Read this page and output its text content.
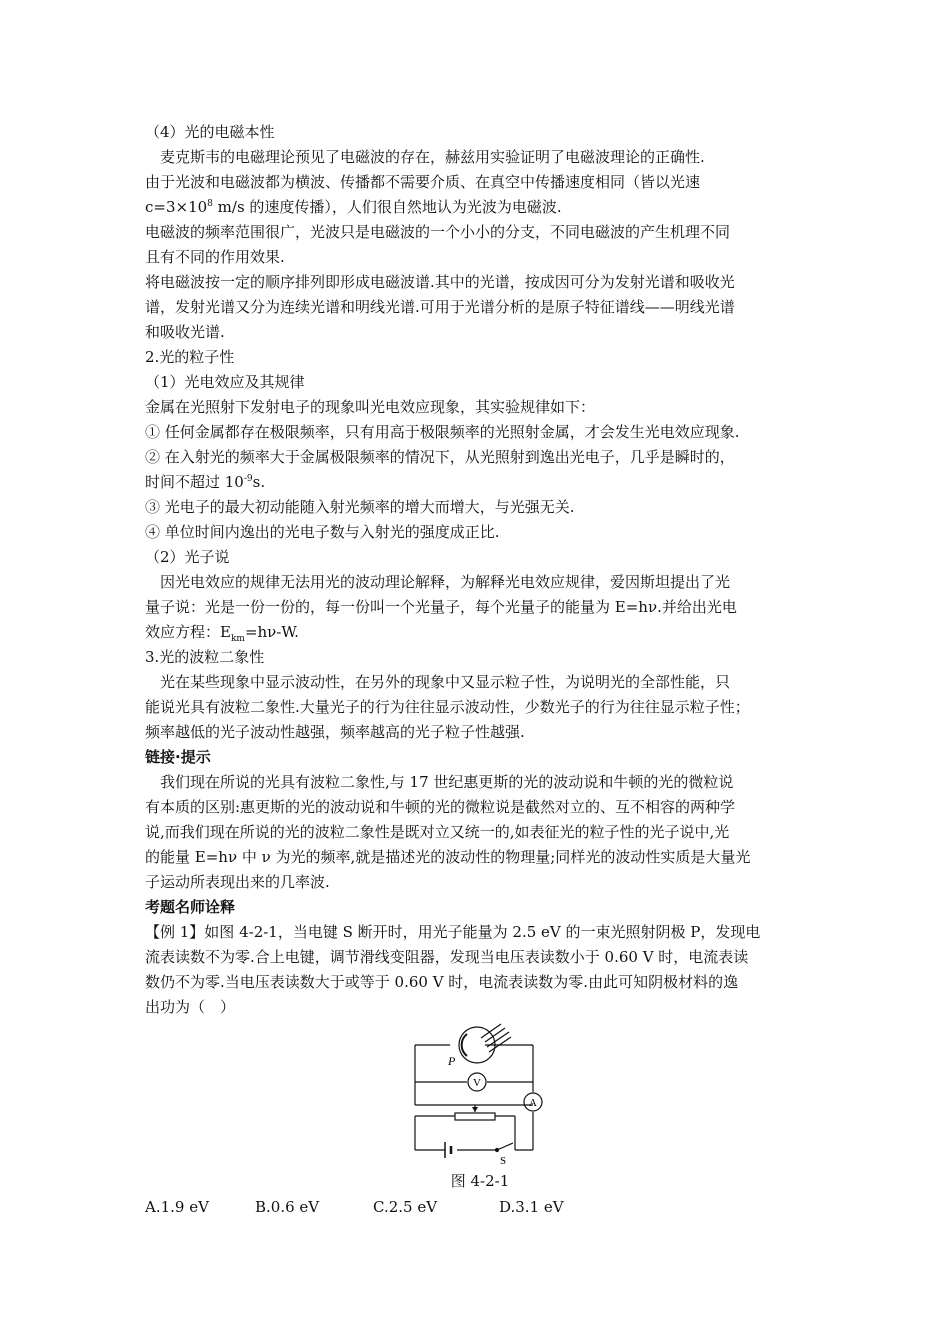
（4）光的电磁本性
麦克斯韦的电磁理论预见了电磁波的存在，赫兹用实验证明了电磁波理论的正确性.
由于光波和电磁波都为横波、传播都不需要介质、在真空中传播速度相同（皆以光速
$c=3\times 10^8$ m/s 的速度传播），人们很自然地认为光波为电磁波.
电磁波的频率范围很广，光波只是电磁波的一个小小的分支，不同电磁波的产生机理不同
且有不同的作用效果.
将电磁波按一定的顺序排列即形成电磁波谱.其中的光谱，按成因可分为发射光谱和吸收光
谱，发射光谱又分为连续光谱和明线光谱.可用于光谱分析的是原子特征谱线——明线光谱
和吸收光谱.
2.光的粒子性
（1）光电效应及其规律
金属在光照射下发射电子的现象叫光电效应现象，其实验规律如下：
① 任何金属都存在极限频率，只有用高于极限频率的光照射金属，才会发生光电效应现象.
② 在入射光的频率大于金属极限频率的情况下，从光照射到逸出光电子，几乎是瞬时的，
时间不超过 $10^{-9}s$.
③ 光电子的最大初动能随入射光频率的增大而增大，与光强无关.
④ 单位时间内逸出的光电子数与入射光的强度成正比.
（2）光子说
因光电效应的规律无法用光的波动理论解释，为解释光电效应规律，爱因斯坦提出了光
量子说：光是一份一份的，每一份叫一个光量子，每个光量子的能量为 E=hν.并给出光电
效应方程：$E_{km}=h\nu-W$.
3.光的波粒二象性
光在某些现象中显示波动性，在另外的现象中又显示粒子性，为说明光的全部性能，只
能说光具有波粒二象性.大量光子的行为往往显示波动性，少数光子的行为往往显示粒子性；
频率越低的光子波动性越强，频率越高的光子粒子性越强.
链接·提示
我们现在所说的光具有波粒二象性,与 17 世纪惠更斯的光的波动说和牛顿的光的微粒说
有本质的区别:惠更斯的光的波动说和牛顿的光的微粒说是截然对立的、互不相容的两种学
说,而我们现在所说的光的波粒二象性是既对立又统一的,如表征光的粒子性的光子说中,光
的能量 E=hν 中 ν 为光的频率,就是描述光的波动性的物理量;同样光的波动性实质是大量光
子运动所表现出来的几率波.
考题名师诠释
【例 1】如图 4-2-1，当电键 S 断开时，用光子能量为 2.5 eV 的一束光照射阴极 P，发现电
流表读数不为零.合上电键，调节滑线变阻器，发现当电压表读数小于 0.60 V 时，电流表读
数仍不为零.当电压表读数大于或等于 0.60 V 时，电流表读数为零.由此可知阴极材料的逸
出功为（　）
P
V
A
S
图 4-2-1
A.1.9 eV	B.0.6 eV	C.2.5 eV	D.3.1 eV
